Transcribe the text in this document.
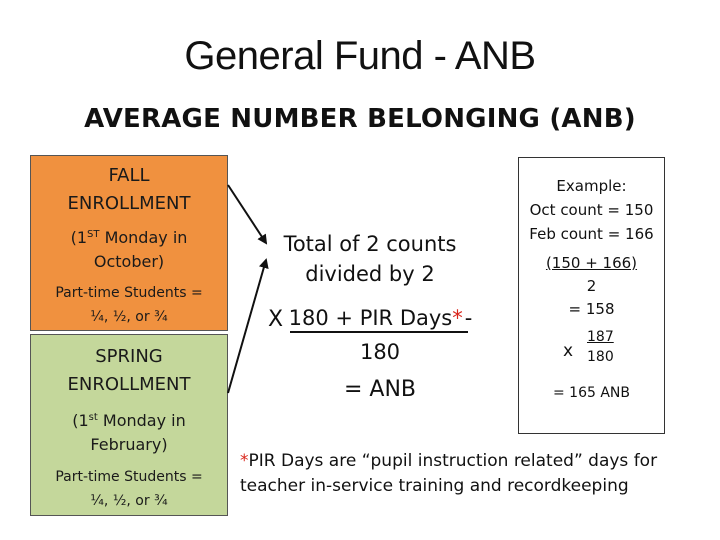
General Fund - ANB
AVERAGE NUMBER BELONGING (ANB)
FALL
ENROLLMENT
(1ST Monday in
October)
Part-time Students =
¼, ½, or ¾
SPRING
ENROLLMENT
(1st Monday in
February)
Part-time Students =
¼, ½, or ¾
Total of 2 counts
divided by 2
X 180 + PIR Days*-
180
= ANB
Example:
Oct count = 150
Feb count = 166
(150 + 166)
2
= 158
x
187
180
= 165 ANB
*PIR Days are “pupil instruction related” days for
teacher in-service training and recordkeeping
